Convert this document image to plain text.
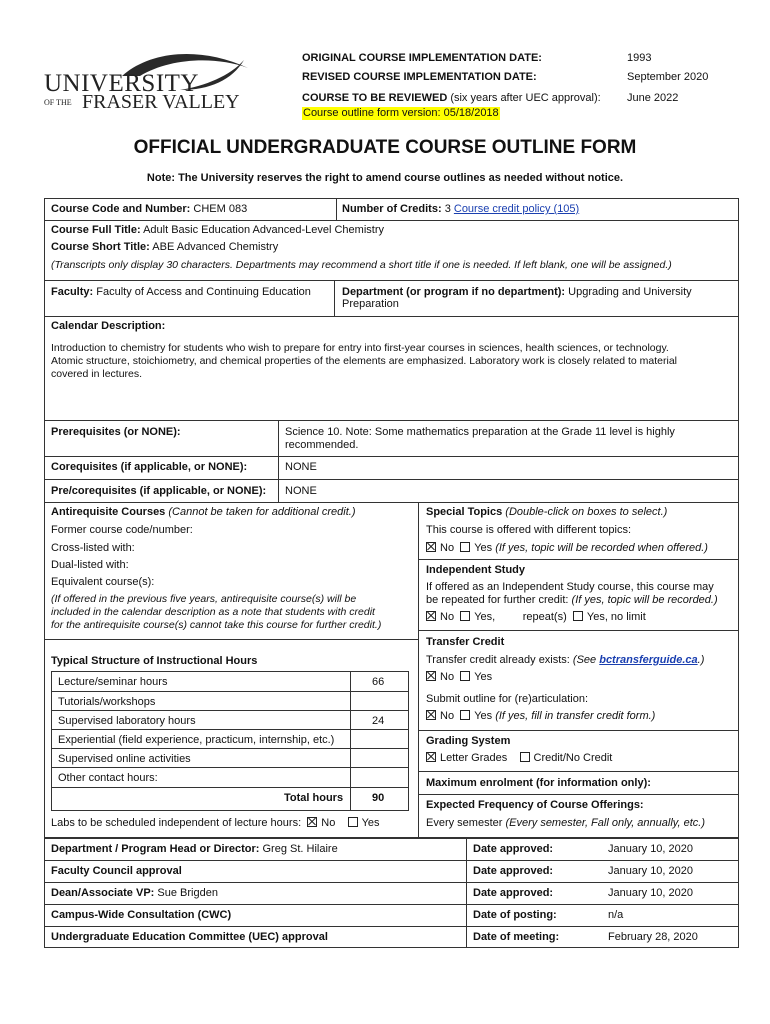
UNIVERSITY
OF THE FRASER VALLEY
ORIGINAL COURSE IMPLEMENTATION DATE:	1993
REVISED COURSE IMPLEMENTATION DATE:	September 2020
COURSE TO BE REVIEWED (six years after UEC approval): June 2022
Course outline form version: 05/18/2018
OFFICIAL UNDERGRADUATE COURSE OUTLINE FORM
Note: The University reserves the right to amend course outlines as needed without notice.
Course Code and Number: CHEM 083	Number of Credits: 3 Course credit policy (105)
Course Full Title: Adult Basic Education Advanced-Level Chemistry
Course Short Title: ABE Advanced Chemistry
(Transcripts only display 30 characters. Departments may recommend a short title if one is needed. If left blank, one will be assigned.)
Faculty: Faculty of Access and Continuing Education	Department (or program if no department): Upgrading and University
Preparation
Calendar Description:
Introduction to chemistry for students who wish to prepare for entry into first-year courses in sciences, health sciences, or technology.
Atomic structure, stoichiometry, and chemical properties of the elements are emphasized. Laboratory work is closely related to material
covered in lectures.
Prerequisites (or NONE):	Science 10. Note: Some mathematics preparation at the Grade 11 level is highly
recommended.
Corequisites (if applicable, or NONE):	NONE
Pre/corequisites (if applicable, or NONE): NONE
Antirequisite Courses (Cannot be taken for additional credit.)
Former course code/number:
Cross-listed with:
Dual-listed with:
Equivalent course(s):
(If offered in the previous five years, antirequisite course(s) will be
included in the calendar description as a note that students with credit
for the antirequisite course(s) cannot take this course for further credit.)
Typical Structure of Instructional Hours
Lecture/seminar hours	66
Tutorials/workshops
Supervised laboratory hours	24
Experiential (field experience, practicum, internship, etc.)
Supervised online activities
Other contact hours:
Total hours	90
Labs to be scheduled independent of lecture hours: No Yes
Special Topics (Double-click on boxes to select.)
This course is offered with different topics:
No Yes (If yes, topic will be recorded when offered.)
Independent Study
If offered as an Independent Study course, this course may
be repeated for further credit: (If yes, topic will be recorded.)
No Yes,	repeat(s) Yes, no limit
Transfer Credit
Transfer credit already exists: (See bctransferguide.ca.)
No Yes
Submit outline for (re)articulation:
No Yes (If yes, fill in transfer credit form.)
Grading System
Letter Grades Credit/No Credit
Maximum enrolment (for information only):
Expected Frequency of Course Offerings:
Every semester (Every semester, Fall only, annually, etc.)
Department / Program Head or Director: Greg St. Hilaire	Date approved:	January 10, 2020
Faculty Council approval	Date approved:	January 10, 2020
Dean/Associate VP: Sue Brigden	Date approved:	January 10, 2020
Campus-Wide Consultation (CWC)	Date of posting:	n/a
Undergraduate Education Committee (UEC) approval	Date of meeting:	February 28, 2020
